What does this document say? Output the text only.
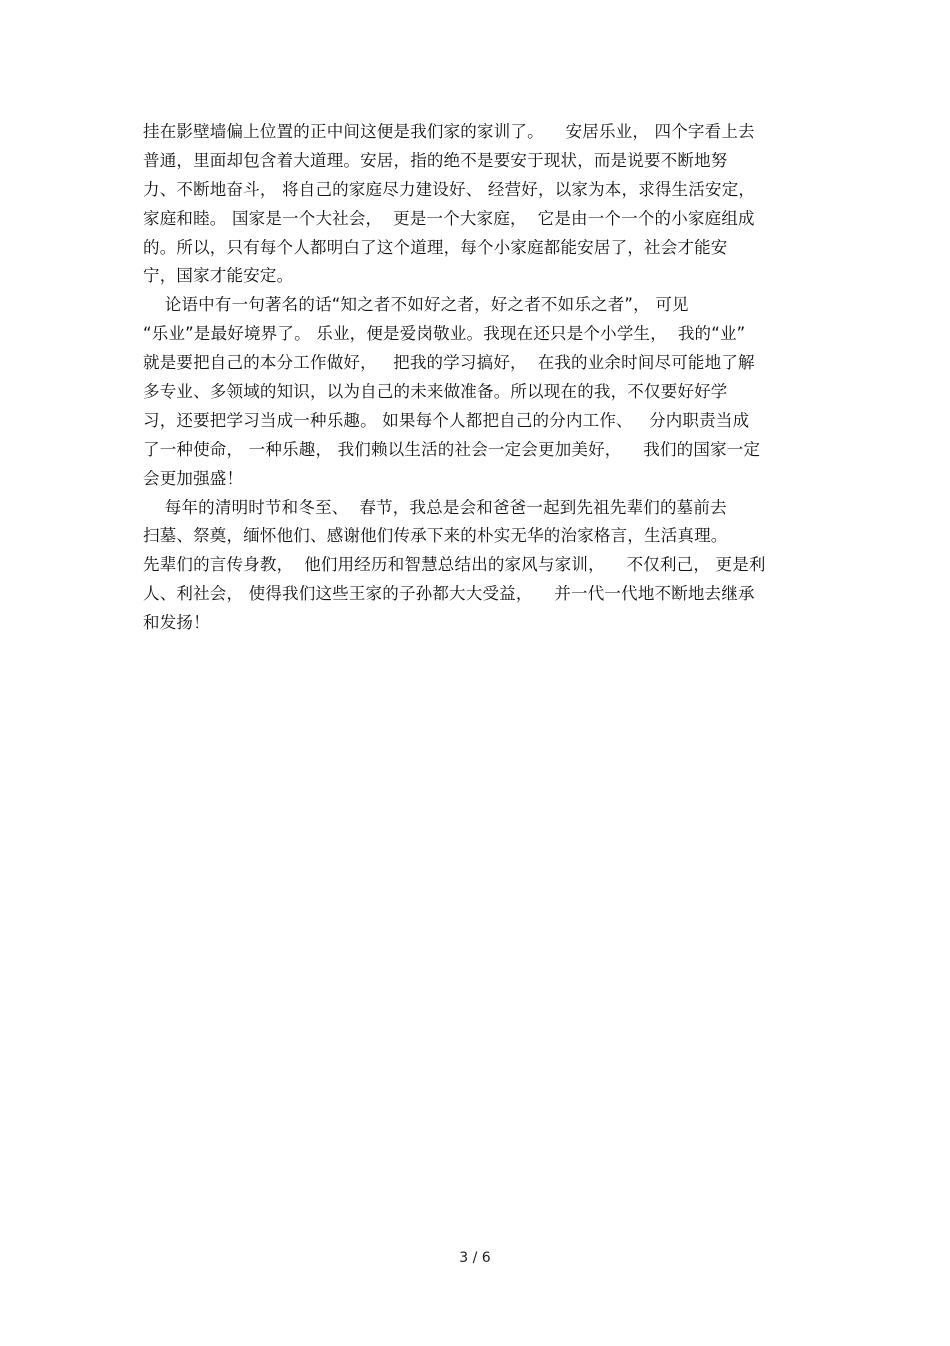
挂在影壁墙偏上位置的正中间这便是我们家的家训了。    安居乐业， 四个字看上去
普通，里面却包含着大道理。安居，指的绝不是要安于现状，而是说要不断地努
力、不断地奋斗， 将自己的家庭尽力建设好、 经营好，以家为本，求得生活安定，
家庭和睦。 国家是一个大社会，  更是一个大家庭，  它是由一个一个的小家庭组成
的。所以，只有每个人都明白了这个道理，每个小家庭都能安居了，社会才能安
宁，国家才能安定。
论语中有一句著名的话“知之者不如好之者，好之者不如乐之者”， 可见
“乐业”是最好境界了。 乐业，便是爱岗敬业。我现在还只是个小学生，  我的“业”
就是要把自己的本分工作做好，   把我的学习搞好，  在我的业余时间尽可能地了解
多专业、多领域的知识，以为自己的未来做准备。所以现在的我，不仅要好好学
习，还要把学习当成一种乐趣。 如果每个人都把自己的分内工作、   分内职责当成
了一种使命， 一种乐趣， 我们赖以生活的社会一定会更加美好，    我们的国家一定
会更加强盛！
每年的清明时节和冬至、  春节，我总是会和爸爸一起到先祖先辈们的墓前去
扫墓、祭奠，缅怀他们、感谢他们传承下来的朴实无华的治家格言，生活真理。
先辈们的言传身教，  他们用经历和智慧总结出的家风与家训，    不仅利己， 更是利
人、利社会， 使得我们这些王家的子孙都大大受益，    并一代一代地不断地去继承
和发扬！
3 / 6
